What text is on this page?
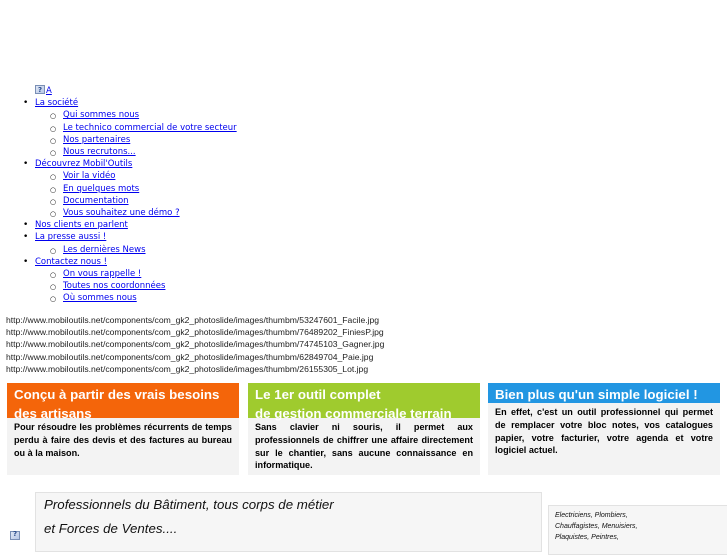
?A
• La société
○ Qui sommes nous
○ Le technico commercial de votre secteur
○ Nos partenaires
○ Nous recrutons...
• Découvrez Mobil'Outils
○ Voir la vidéo
○ En quelques mots
○ Documentation
○ Vous souhaitez une démo ?
• Nos clients en parlent
• La presse aussi !
○ Les dernières News
• Contactez nous !
○ On vous rappelle !
○ Toutes nos coordonnées
○ Où sommes nous
http://www.mobiloutils.net/components/com_gk2_photoslide/images/thumbm/53247601_Facile.jpg
http://www.mobiloutils.net/components/com_gk2_photoslide/images/thumbm/76489202_FiniesP.jpg
http://www.mobiloutils.net/components/com_gk2_photoslide/images/thumbm/74745103_Gagner.jpg
http://www.mobiloutils.net/components/com_gk2_photoslide/images/thumbm/62849704_Paie.jpg
http://www.mobiloutils.net/components/com_gk2_photoslide/images/thumbm/26155305_Lot.jpg
Conçu à partir des vrais besoins
des artisans
Pour résoudre les problèmes récurrents de temps perdu à faire des devis et des factures au bureau ou à la maison.
Le 1er outil complet
de gestion commerciale terrain
Sans clavier ni souris, il permet aux professionnels de chiffrer une affaire directement sur le chantier, sans aucune connaissance en informatique.
Bien plus qu'un simple logiciel !
En effet, c'est un outil professionnel qui permet de remplacer votre bloc notes, vos catalogues papier, votre facturier, votre agenda et votre logiciel actuel.
Professionnels du Bâtiment, tous corps de métier
et Forces de Ventes....
Electriciens, Plombiers,
Chauffagistes, Menuisiers,
Plaquistes, Peintres,
?
